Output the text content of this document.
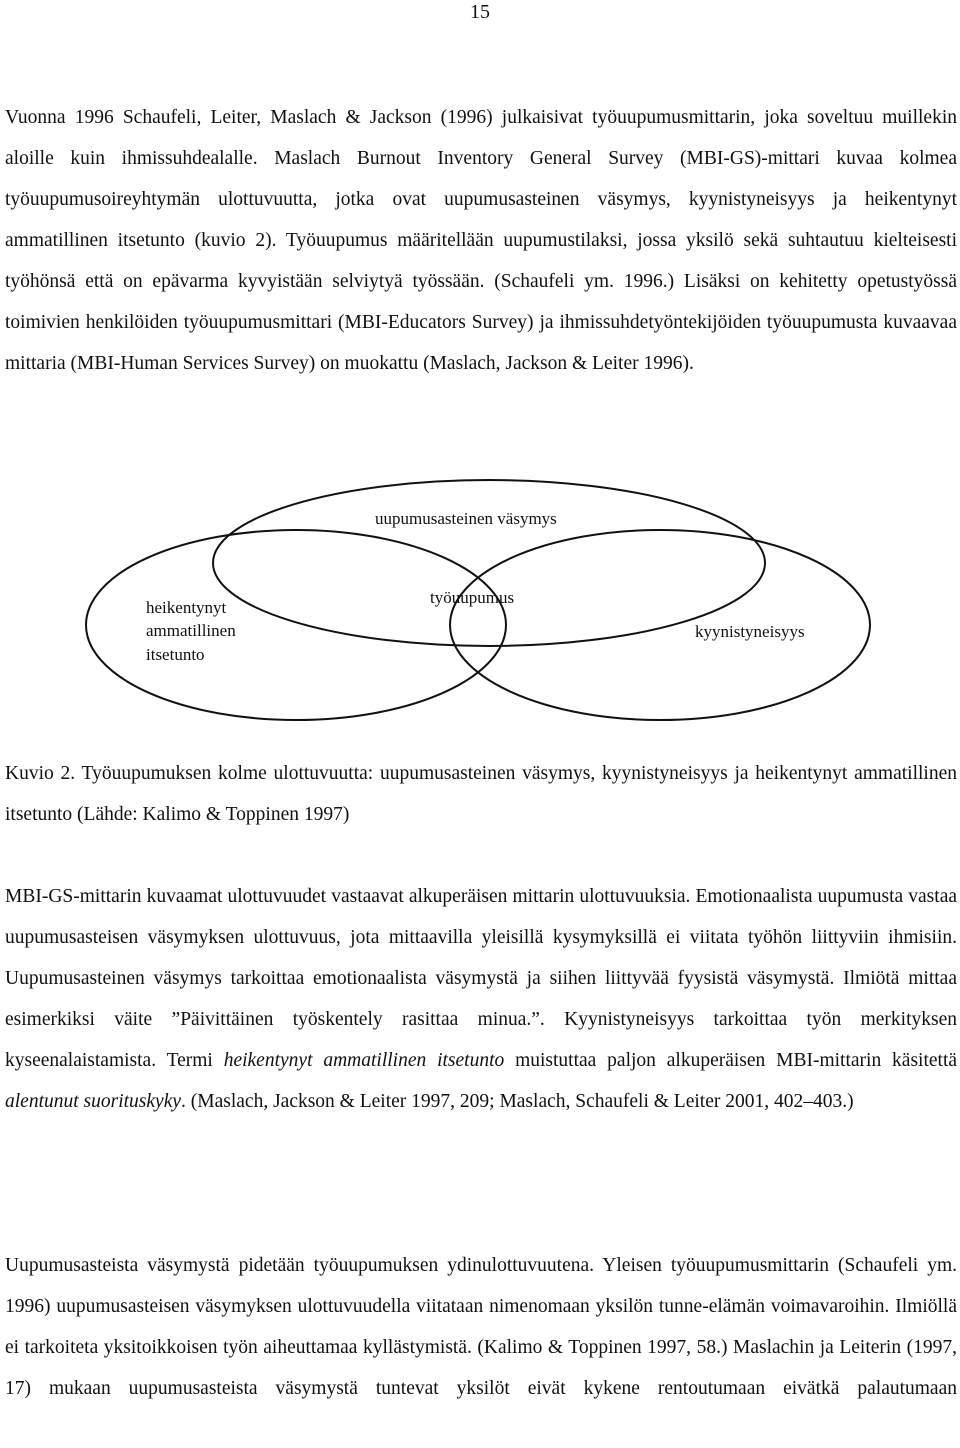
15

Vuonna 1996 Schaufeli, Leiter, Maslach & Jackson (1996) julkaisivat työuupumusmittarin, joka soveltuu muillekin aloille kuin ihmissuhdealalle. Maslach Burnout Inventory General Survey (MBI-GS)-mittari kuvaa kolmea työuupumusoireyhtymän ulottuvuutta, jotka ovat uupumusasteinen väsymys, kyynistyneisyys ja heikentynyt ammatillinen itsetunto (kuvio 2). Työuupumus määritellään uupumustilaksi, jossa yksilö sekä suhtautuu kielteisesti työhönsä että on epävarma kyvyistään selviytyä työssään. (Schaufeli ym. 1996.) Lisäksi on kehitetty opetustyössä toimivien henkilöiden työuupumusmittari (MBI-Educators Survey) ja ihmissuhdetyöntekijöiden työuupumusta kuvaavaa mittaria (MBI-Human Services Survey) on muokattu (Maslach, Jackson & Leiter 1996).

uupumusasteinen väsymys
heikentynyt
ammatillinen
itsetunto
työuupumus
kyynistyneisyys

Kuvio 2. Työuupumuksen kolme ulottuvuutta: uupumusasteinen väsymys, kyynistyneisyys ja heikentynyt ammatillinen itsetunto (Lähde: Kalimo & Toppinen 1997)

MBI-GS-mittarin kuvaamat ulottuvuudet vastaavat alkuperäisen mittarin ulottuvuuksia. Emotionaalista uupumusta vastaa uupumusasteisen väsymyksen ulottuvuus, jota mittaavilla yleisillä kysymyksillä ei viitata työhön liittyviin ihmisiin. Uupumusasteinen väsymys tarkoittaa emotionaalista väsymystä ja siihen liittyvää fyysistä väsymystä. Ilmiötä mittaa esimerkiksi väite ”Päivittäinen työskentely rasittaa minua.”. Kyynistyneisyys tarkoittaa työn merkityksen kyseenalaistamista. Termi heikentynyt ammatillinen itsetunto muistuttaa paljon alkuperäisen MBI-mittarin käsitettä alentunut suorituskyky. (Maslach, Jackson & Leiter 1997, 209; Maslach, Schaufeli & Leiter 2001, 402–403.)

Uupumusasteista väsymystä pidetään työuupumuksen ydinulottuvuutena. Yleisen työuupumusmittarin (Schaufeli ym. 1996) uupumusasteisen väsymyksen ulottuvuudella viitataan nimenomaan yksilön tunne-elämän voimavaroihin. Ilmiöllä ei tarkoiteta yksitoikkoisen työn aiheuttamaa kyllästymistä. (Kalimo & Toppinen 1997, 58.) Maslachin ja Leiterin (1997, 17) mukaan uupumusasteista väsymystä tuntevat yksilöt eivät kykene rentoutumaan eivätkä palautumaan
